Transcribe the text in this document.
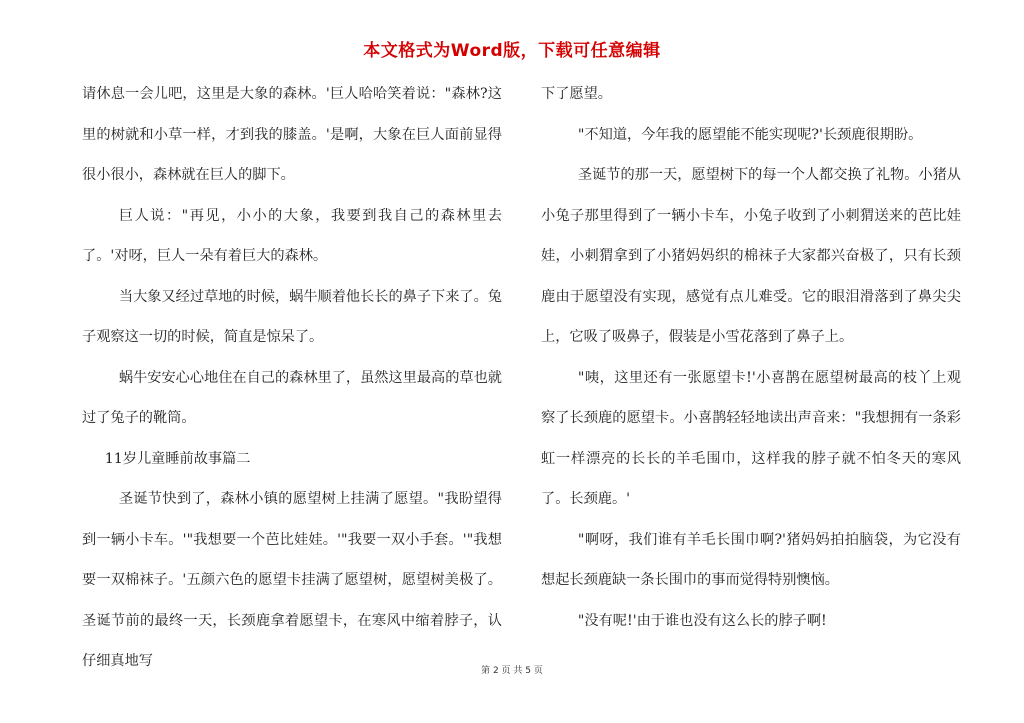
本文格式为Word版，下载可任意编辑

请休息一会儿吧，这里是大象的森林。'巨人哈哈笑着说："森林?这里的树就和小草一样，才到我的膝盖。'是啊，大象在巨人面前显得很小很小，森林就在巨人的脚下。

巨人说："再见，小小的大象，我要到我自己的森林里去了。'对呀，巨人一朵有着巨大的森林。

当大象又经过草地的时候，蜗牛顺着他长长的鼻子下来了。兔子观察这一切的时候，简直是惊呆了。

蜗牛安安心心地住在自己的森林里了，虽然这里最高的草也就过了兔子的靴筒。

11岁儿童睡前故事篇二

圣诞节快到了，森林小镇的愿望树上挂满了愿望。"我盼望得到一辆小卡车。'"我想要一个芭比娃娃。'"我要一双小手套。'"我想要一双棉袜子。'五颜六色的愿望卡挂满了愿望树，愿望树美极了。圣诞节前的最终一天，长颈鹿拿着愿望卡，在寒风中缩着脖子，认仔细真地写

下了愿望。

"不知道，今年我的愿望能不能实现呢?'长颈鹿很期盼。

圣诞节的那一天，愿望树下的每一个人都交换了礼物。小猪从小兔子那里得到了一辆小卡车，小兔子收到了小刺猬送来的芭比娃娃，小刺猬拿到了小猪妈妈织的棉袜子大家都兴奋极了，只有长颈鹿由于愿望没有实现，感觉有点儿难受。它的眼泪滑落到了鼻尖尖上，它吸了吸鼻子，假装是小雪花落到了鼻子上。

"咦，这里还有一张愿望卡!'小喜鹊在愿望树最高的枝丫上观察了长颈鹿的愿望卡。小喜鹊轻轻地读出声音来："我想拥有一条彩虹一样漂亮的长长的羊毛围巾，这样我的脖子就不怕冬天的寒风了。长颈鹿。'

"啊呀，我们谁有羊毛长围巾啊?'猪妈妈拍拍脑袋，为它没有想起长颈鹿缺一条长围巾的事而觉得特别懊恼。

"没有呢!'由于谁也没有这么长的脖子啊!

第 2 页 共 5 页
